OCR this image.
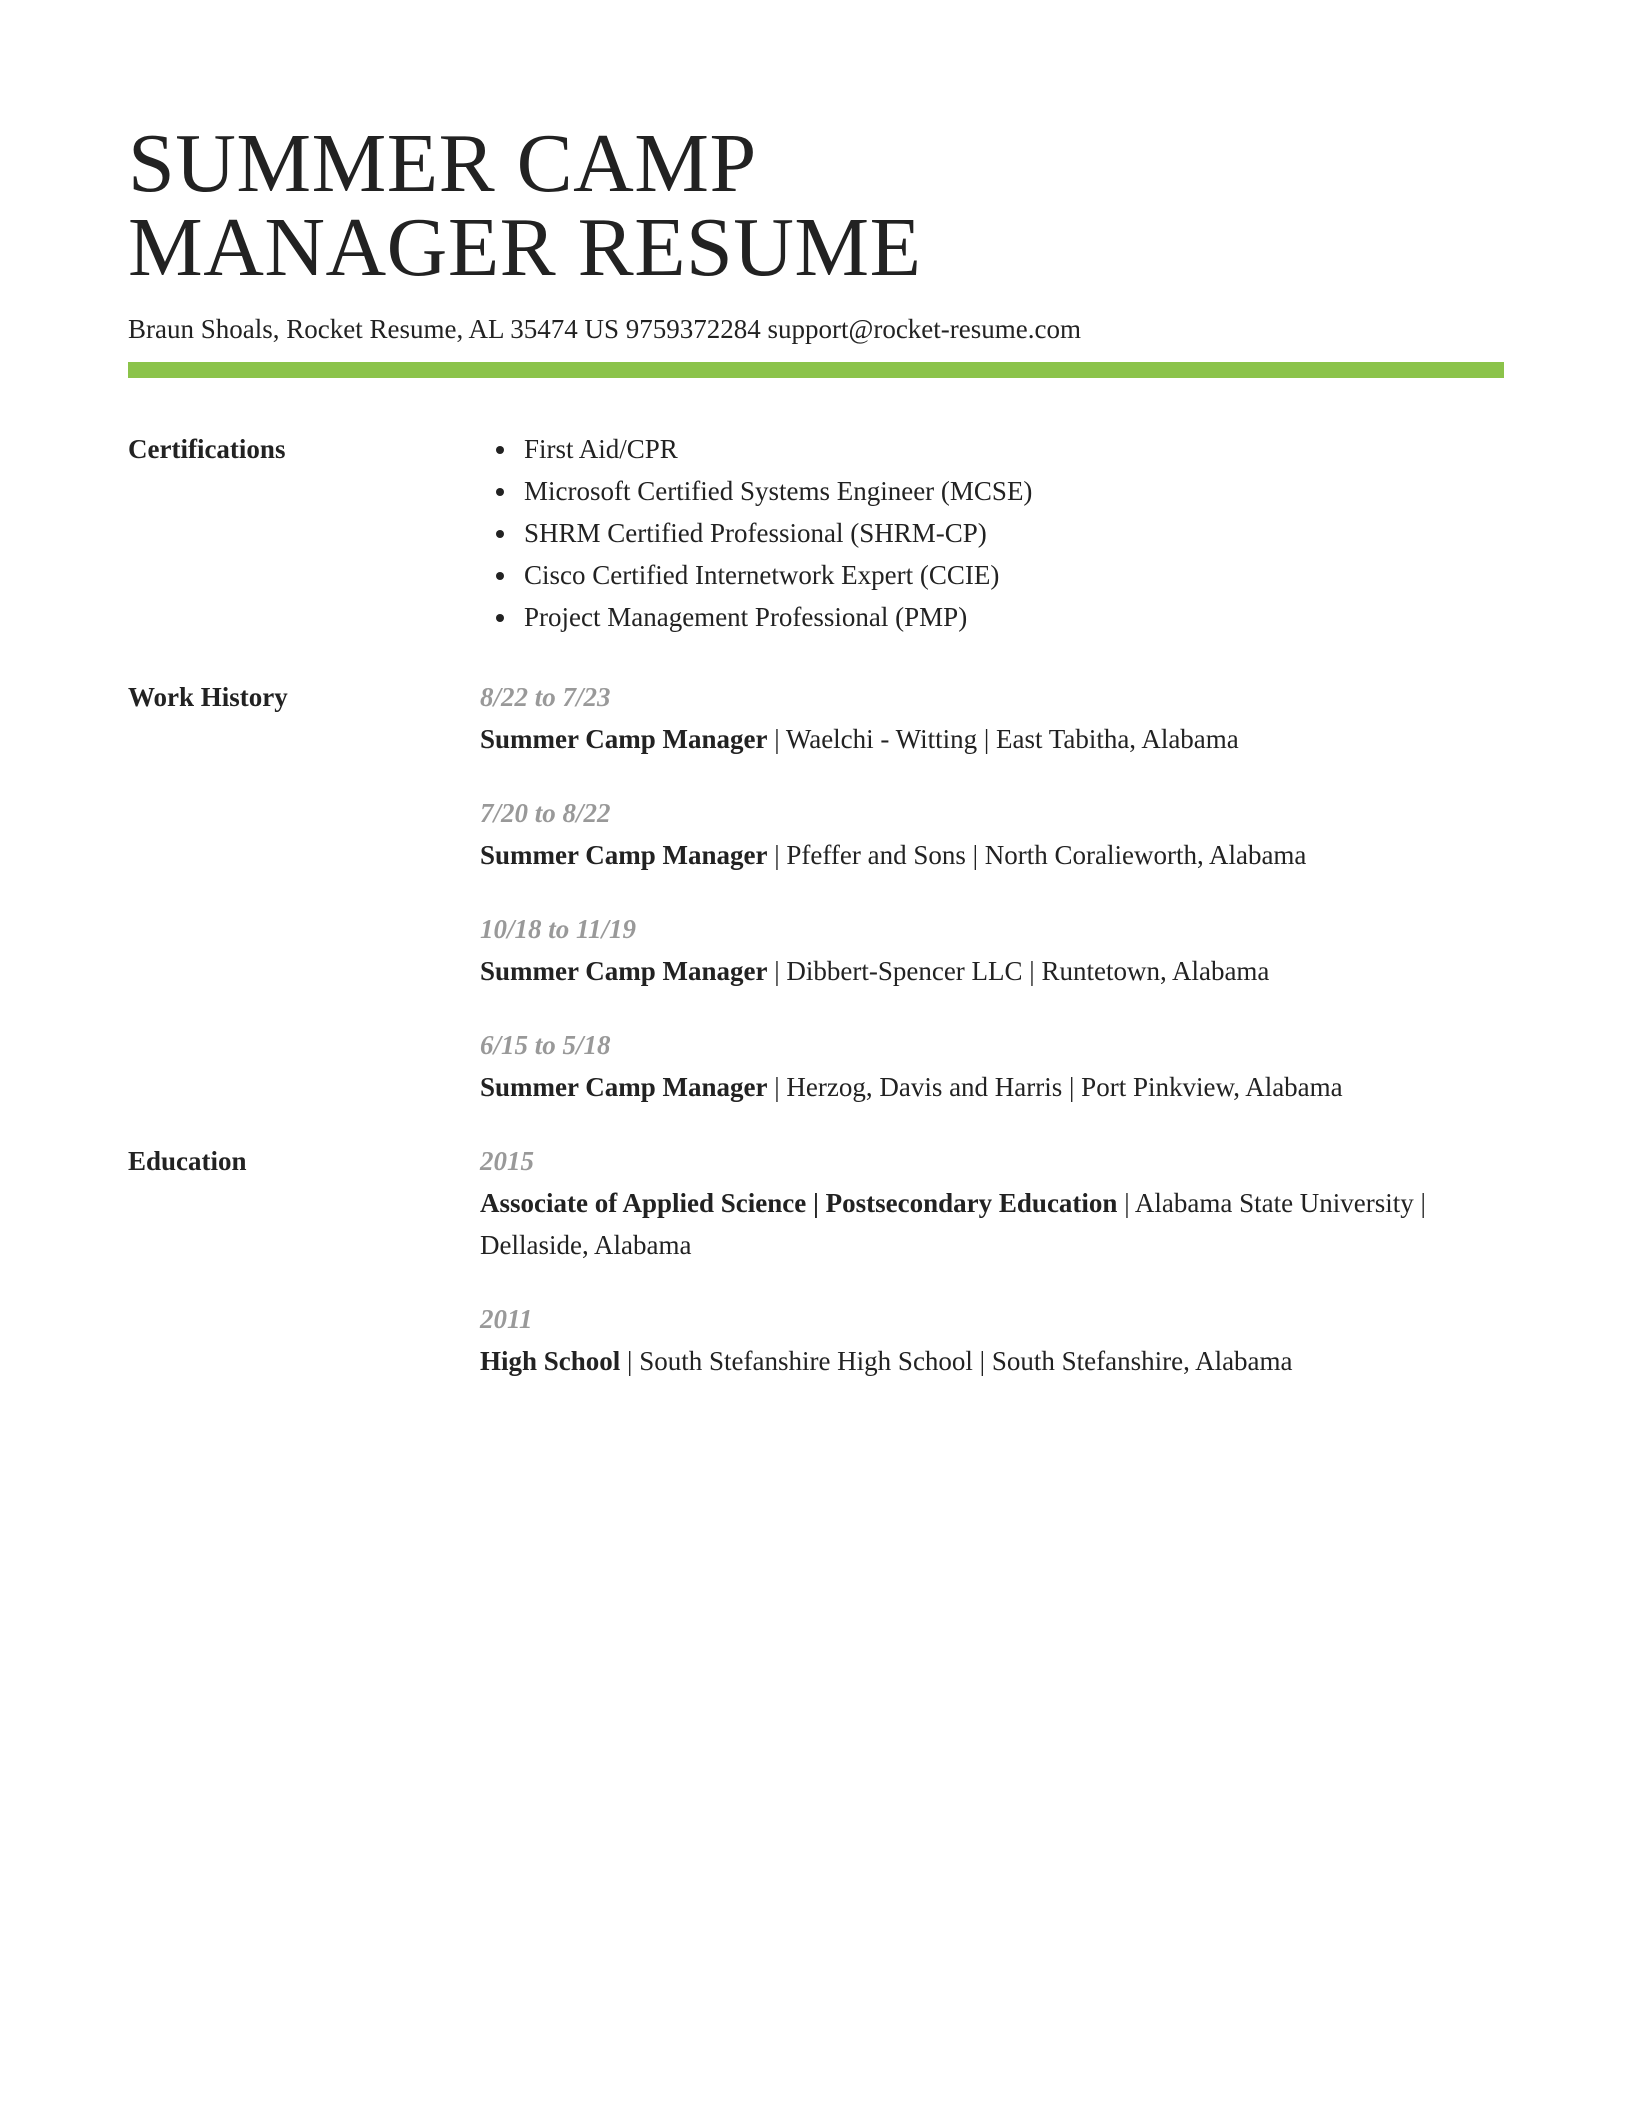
SUMMER CAMP
MANAGER RESUME
Braun Shoals, Rocket Resume, AL 35474 US 9759372284 support@rocket-resume.com
Certifications	First Aid/CPR
Microsoft Certified Systems Engineer (MCSE)
SHRM Certified Professional (SHRM-CP)
Cisco Certified Internetwork Expert (CCIE)
Project Management Professional (PMP)
Work History	8/22 to 7/23
Summer Camp Manager | Waelchi - Witting | East Tabitha, Alabama
7/20 to 8/22
Summer Camp Manager | Pfeffer and Sons | North Coralieworth, Alabama
10/18 to 11/19
Summer Camp Manager | Dibbert-Spencer LLC | Runtetown, Alabama
6/15 to 5/18
Summer Camp Manager | Herzog, Davis and Harris | Port Pinkview, Alabama
Education	2015
Associate of Applied Science | Postsecondary Education | Alabama State University | Dellaside, Alabama
2011
High School | South Stefanshire High School | South Stefanshire, Alabama
